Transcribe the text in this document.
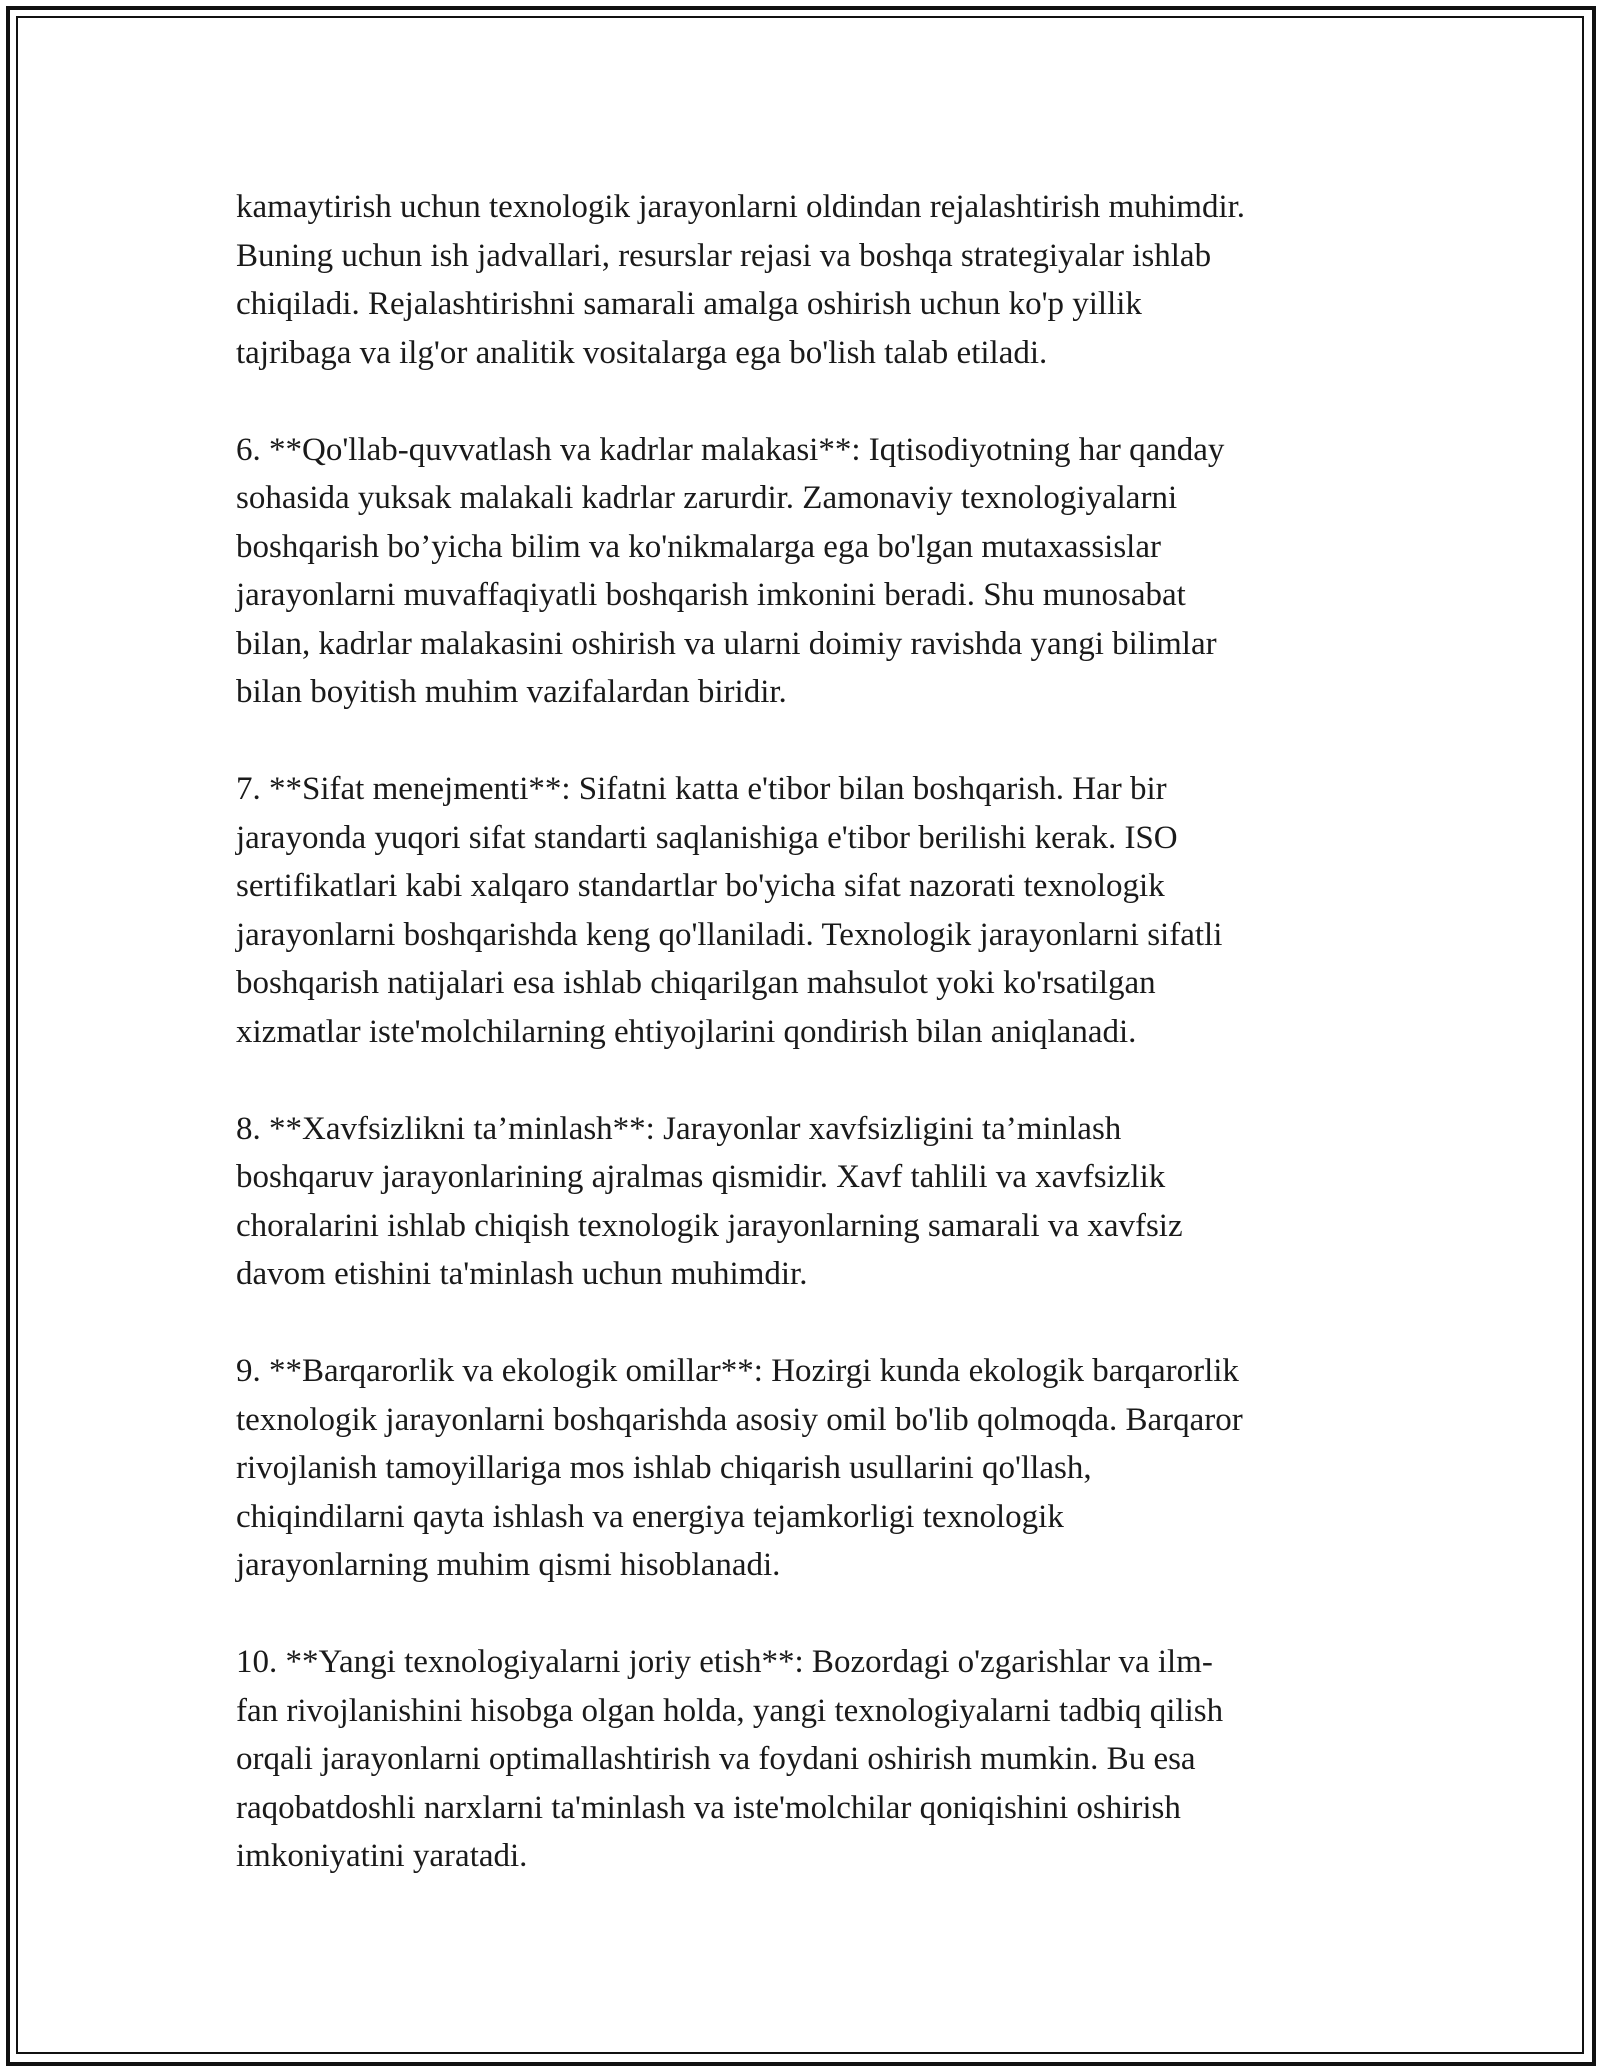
kamaytirish uchun texnologik jarayonlarni oldindan rejalashtirish muhimdir.
Buning uchun ish jadvallari, resurslar rejasi va boshqa strategiyalar ishlab
chiqiladi. Rejalashtirishni samarali amalga oshirish uchun ko'p yillik
tajribaga va ilg'or analitik vositalarga ega bo'lish talab etiladi.

6. **Qo'llab-quvvatlash va kadrlar malakasi**: Iqtisodiyotning har qanday
sohasida yuksak malakali kadrlar zarurdir. Zamonaviy texnologiyalarni
boshqarish bo’yicha bilim va ko'nikmalarga ega bo'lgan mutaxassislar
jarayonlarni muvaffaqiyatli boshqarish imkonini beradi. Shu munosabat
bilan, kadrlar malakasini oshirish va ularni doimiy ravishda yangi bilimlar
bilan boyitish muhim vazifalardan biridir.

7. **Sifat menejmenti**: Sifatni katta e'tibor bilan boshqarish. Har bir
jarayonda yuqori sifat standarti saqlanishiga e'tibor berilishi kerak. ISO
sertifikatlari kabi xalqaro standartlar bo'yicha sifat nazorati texnologik
jarayonlarni boshqarishda keng qo'llaniladi. Texnologik jarayonlarni sifatli
boshqarish natijalari esa ishlab chiqarilgan mahsulot yoki ko'rsatilgan
xizmatlar iste'molchilarning ehtiyojlarini qondirish bilan aniqlanadi.

8. **Xavfsizlikni ta’minlash**: Jarayonlar xavfsizligini ta’minlash
boshqaruv jarayonlarining ajralmas qismidir. Xavf tahlili va xavfsizlik
choralarini ishlab chiqish texnologik jarayonlarning samarali va xavfsiz
davom etishini ta'minlash uchun muhimdir.

9. **Barqarorlik va ekologik omillar**: Hozirgi kunda ekologik barqarorlik
texnologik jarayonlarni boshqarishda asosiy omil bo'lib qolmoqda. Barqaror
rivojlanish tamoyillariga mos ishlab chiqarish usullarini qo'llash,
chiqindilarni qayta ishlash va energiya tejamkorligi texnologik
jarayonlarning muhim qismi hisoblanadi.

10. **Yangi texnologiyalarni joriy etish**: Bozordagi o'zgarishlar va ilm-
fan rivojlanishini hisobga olgan holda, yangi texnologiyalarni tadbiq qilish
orqali jarayonlarni optimallashtirish va foydani oshirish mumkin. Bu esa
raqobatdoshli narxlarni ta'minlash va iste'molchilar qoniqishini oshirish
imkoniyatini yaratadi.
